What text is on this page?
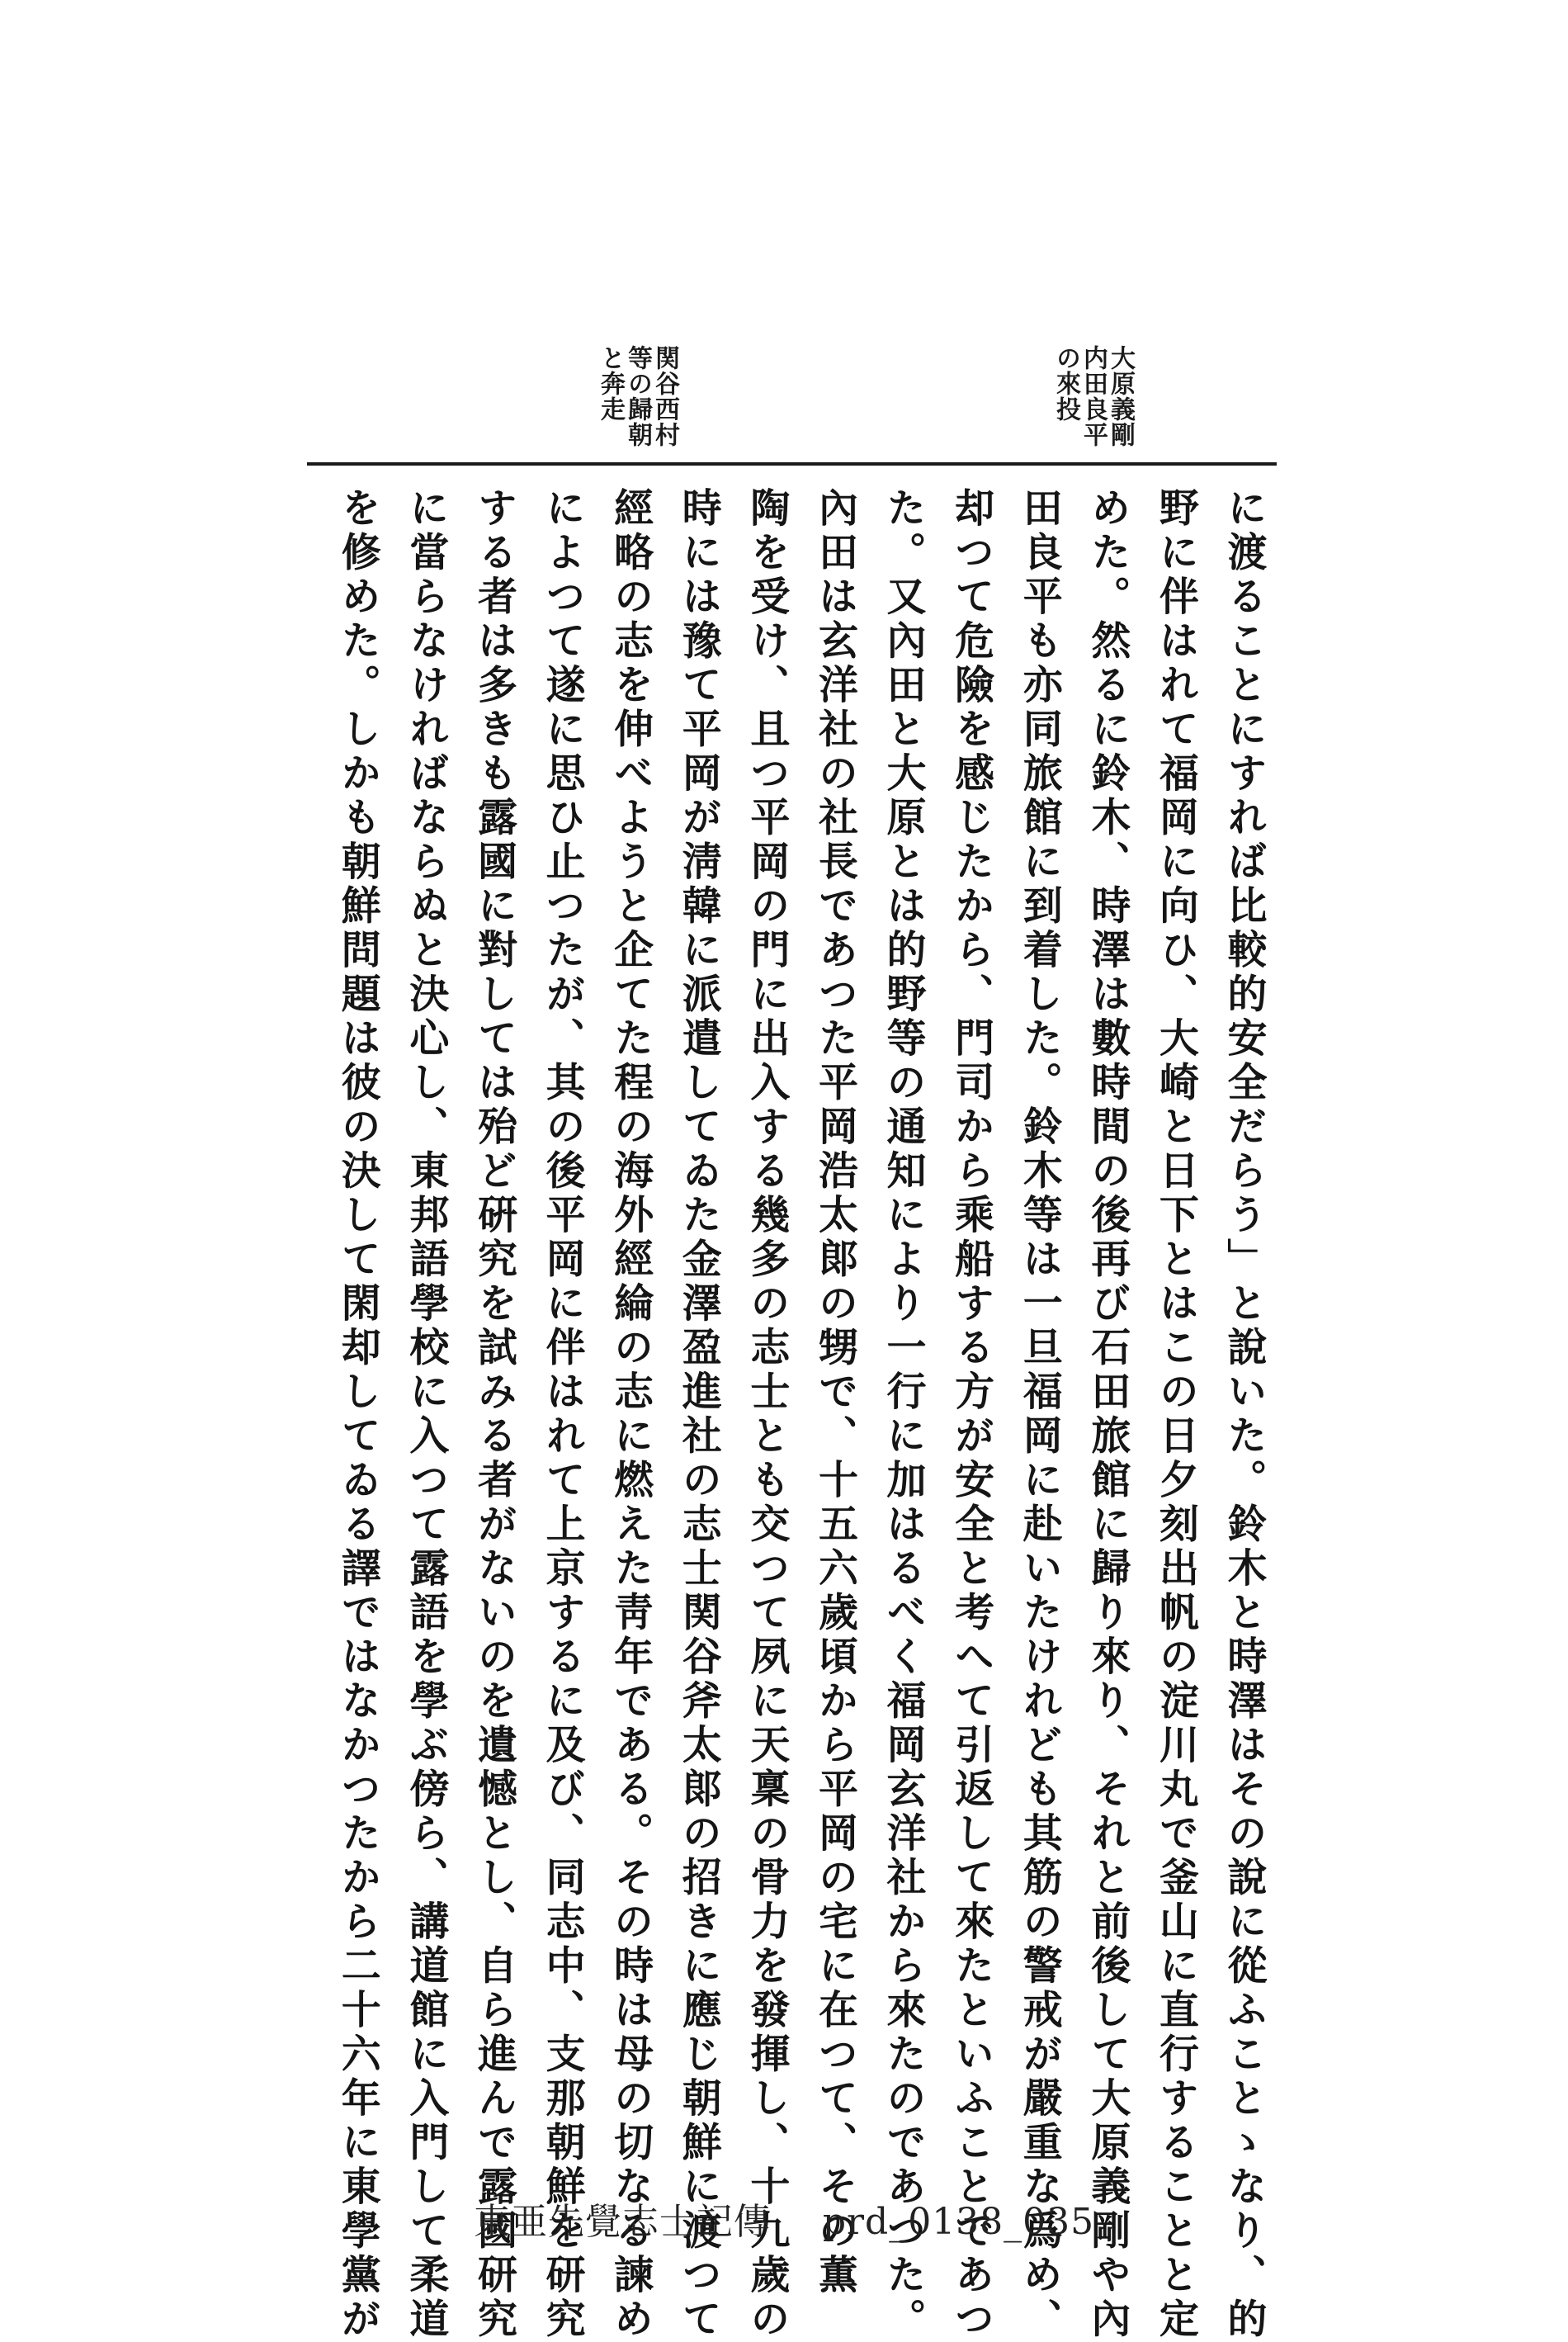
大原義剛
内田良平
の來投
関谷西村
等の歸朝
と奔走
に渡ることにすれば比較的安全だらう」と說いた。鈴木と時澤はその說に從ふことゝなり、的
野に伴はれて福岡に向ひ、大崎と日下とはこの日夕刻出帆の淀川丸で釜山に直行することと定
めた。然るに鈴木、時澤は數時間の後再び石田旅館に歸り來り、それと前後して大原義剛や內
田良平も亦同旅館に到着した。鈴木等は一旦福岡に赴いたけれども其筋の警戒が嚴重な爲め、
却つて危險を感じたから、門司から乘船する方が安全と考へて引返して來たといふことであつ
た。又內田と大原とは的野等の通知により一行に加はるべく福岡玄洋社から來たのであつた。
內田は玄洋社の社長であつた平岡浩太郞の甥で、十五六歲頃から平岡の宅に在つて、その薫
陶を受け、且つ平岡の門に出入する幾多の志士とも交つて夙に天稟の骨力を發揮し、十九歲の
時には豫て平岡が淸韓に派遣してゐた金澤盈進社の志士関谷斧太郞の招きに應じ朝鮮に渡つて
經略の志を伸べようと企てた程の海外經綸の志に燃えた靑年である。その時は母の切なる諫め
によつて遂に思ひ止つたが、其の後平岡に伴はれて上京するに及び、同志中、支那朝鮮を研究
する者は多きも露國に對しては殆ど硏究を試みる者がないのを遺憾とし、自ら進んで露國研究
に當らなければならぬと決心し、東邦語學校に入つて露語を學ぶ傍ら、講道館に入門して柔道
を修めた。しかも朝鮮問題は彼の決して閑却してゐる譯ではなかつたから二十六年に東學黨が	東亜先覺志士記傳 prd_0138_035
